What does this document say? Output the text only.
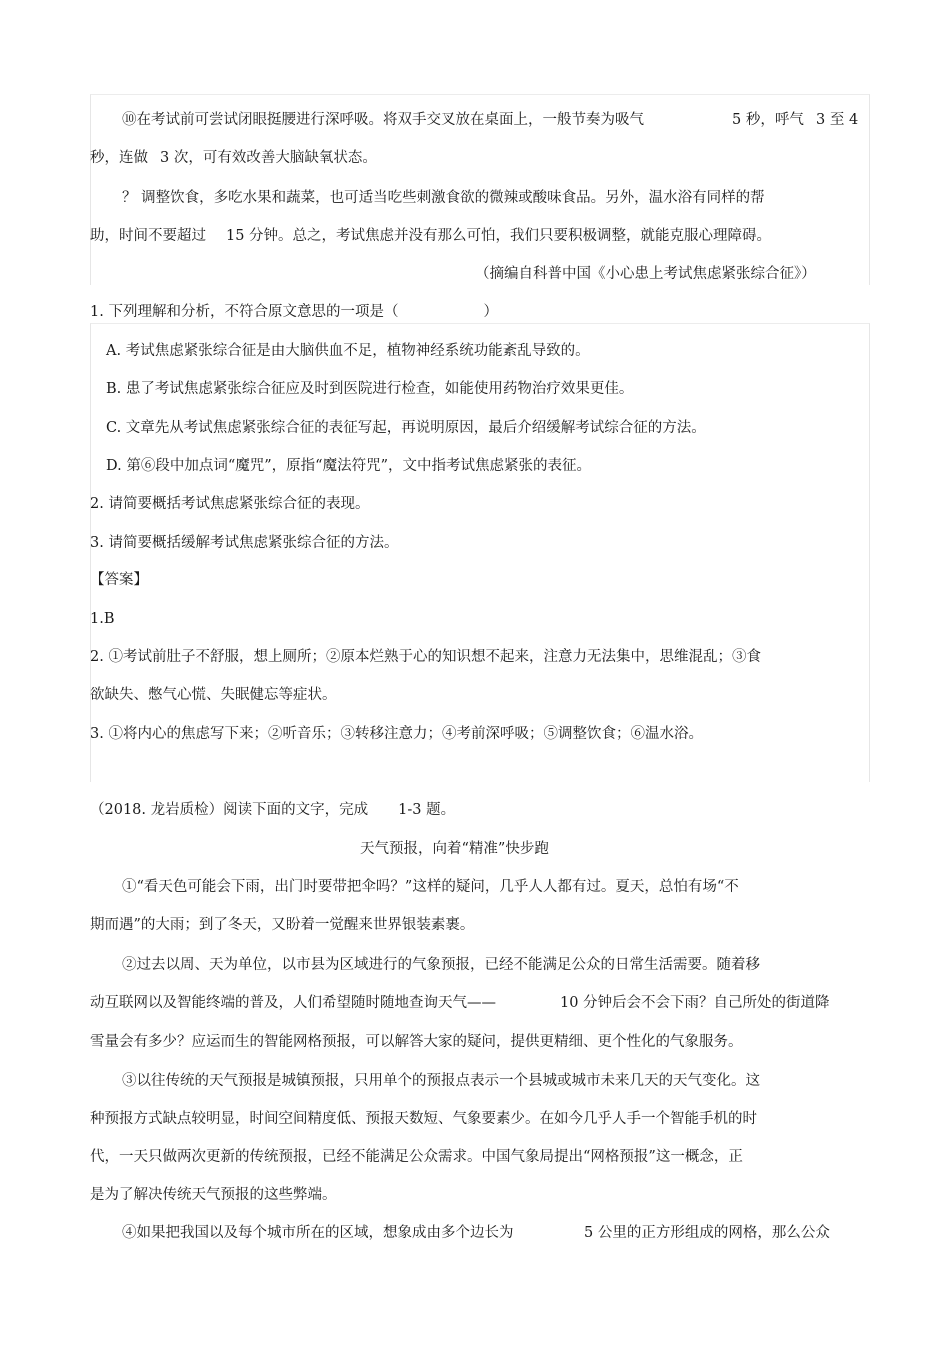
⑩在考试前可尝试闭眼挺腰进行深呼吸。将双手交叉放在桌面上，一般节奏为吸气	5 秒，呼气 3 至 4
秒，连做 3 次，可有效改善大脑缺氧状态。
？ 调整饮食，多吃水果和蔬菜，也可适当吃些刺激食欲的微辣或酸味食品。另外，温水浴有同样的帮
助，时间不要超过 15 分钟。总之，考试焦虑并没有那么可怕，我们只要积极调整，就能克服心理障碍。
（摘编自科普中国《小心患上考试焦虑紧张综合征》）
1. 下列理解和分析，不符合原文意思的一项是（	）
A. 考试焦虑紧张综合征是由大脑供血不足，植物神经系统功能紊乱导致的。
B. 患了考试焦虑紧张综合征应及时到医院进行检查，如能使用药物治疗效果更佳。
C. 文章先从考试焦虑紧张综合征的表征写起，再说明原因，最后介绍缓解考试综合征的方法。
D. 第⑥段中加点词“魔咒”，原指“魔法符咒”，文中指考试焦虑紧张的表征。
2. 请简要概括考试焦虑紧张综合征的表现。
3. 请简要概括缓解考试焦虑紧张综合征的方法。
【答案】
1.B
2. ①考试前肚子不舒服，想上厕所；②原本烂熟于心的知识想不起来，注意力无法集中，思维混乱；③食
欲缺失、憋气心慌、失眠健忘等症状。
3. ①将内心的焦虑写下来；②听音乐；③转移注意力；④考前深呼吸；⑤调整饮食；⑥温水浴。
（2018. 龙岩质检）阅读下面的文字，完成 1-3 题。
天气预报，向着“精准”快步跑
①“看天色可能会下雨，出门时要带把伞吗？”这样的疑问，几乎人人都有过。夏天，总怕有场“不
期而遇”的大雨；到了冬天，又盼着一觉醒来世界银装素裹。
②过去以周、天为单位，以市县为区域进行的气象预报，已经不能满足公众的日常生活需要。随着移
动互联网以及智能终端的普及，人们希望随时随地查询天气——	10 分钟后会不会下雨？自己所处的街道降
雪量会有多少？应运而生的智能网格预报，可以解答大家的疑问，提供更精细、更个性化的气象服务。
③以往传统的天气预报是城镇预报，只用单个的预报点表示一个县城或城市未来几天的天气变化。这
种预报方式缺点较明显，时间空间精度低、预报天数短、气象要素少。在如今几乎人手一个智能手机的时
代，一天只做两次更新的传统预报，已经不能满足公众需求。中国气象局提出“网格预报”这一概念，正
是为了解决传统天气预报的这些弊端。
④如果把我国以及每个城市所在的区域，想象成由多个边长为	5 公里的正方形组成的网格，那么公众
